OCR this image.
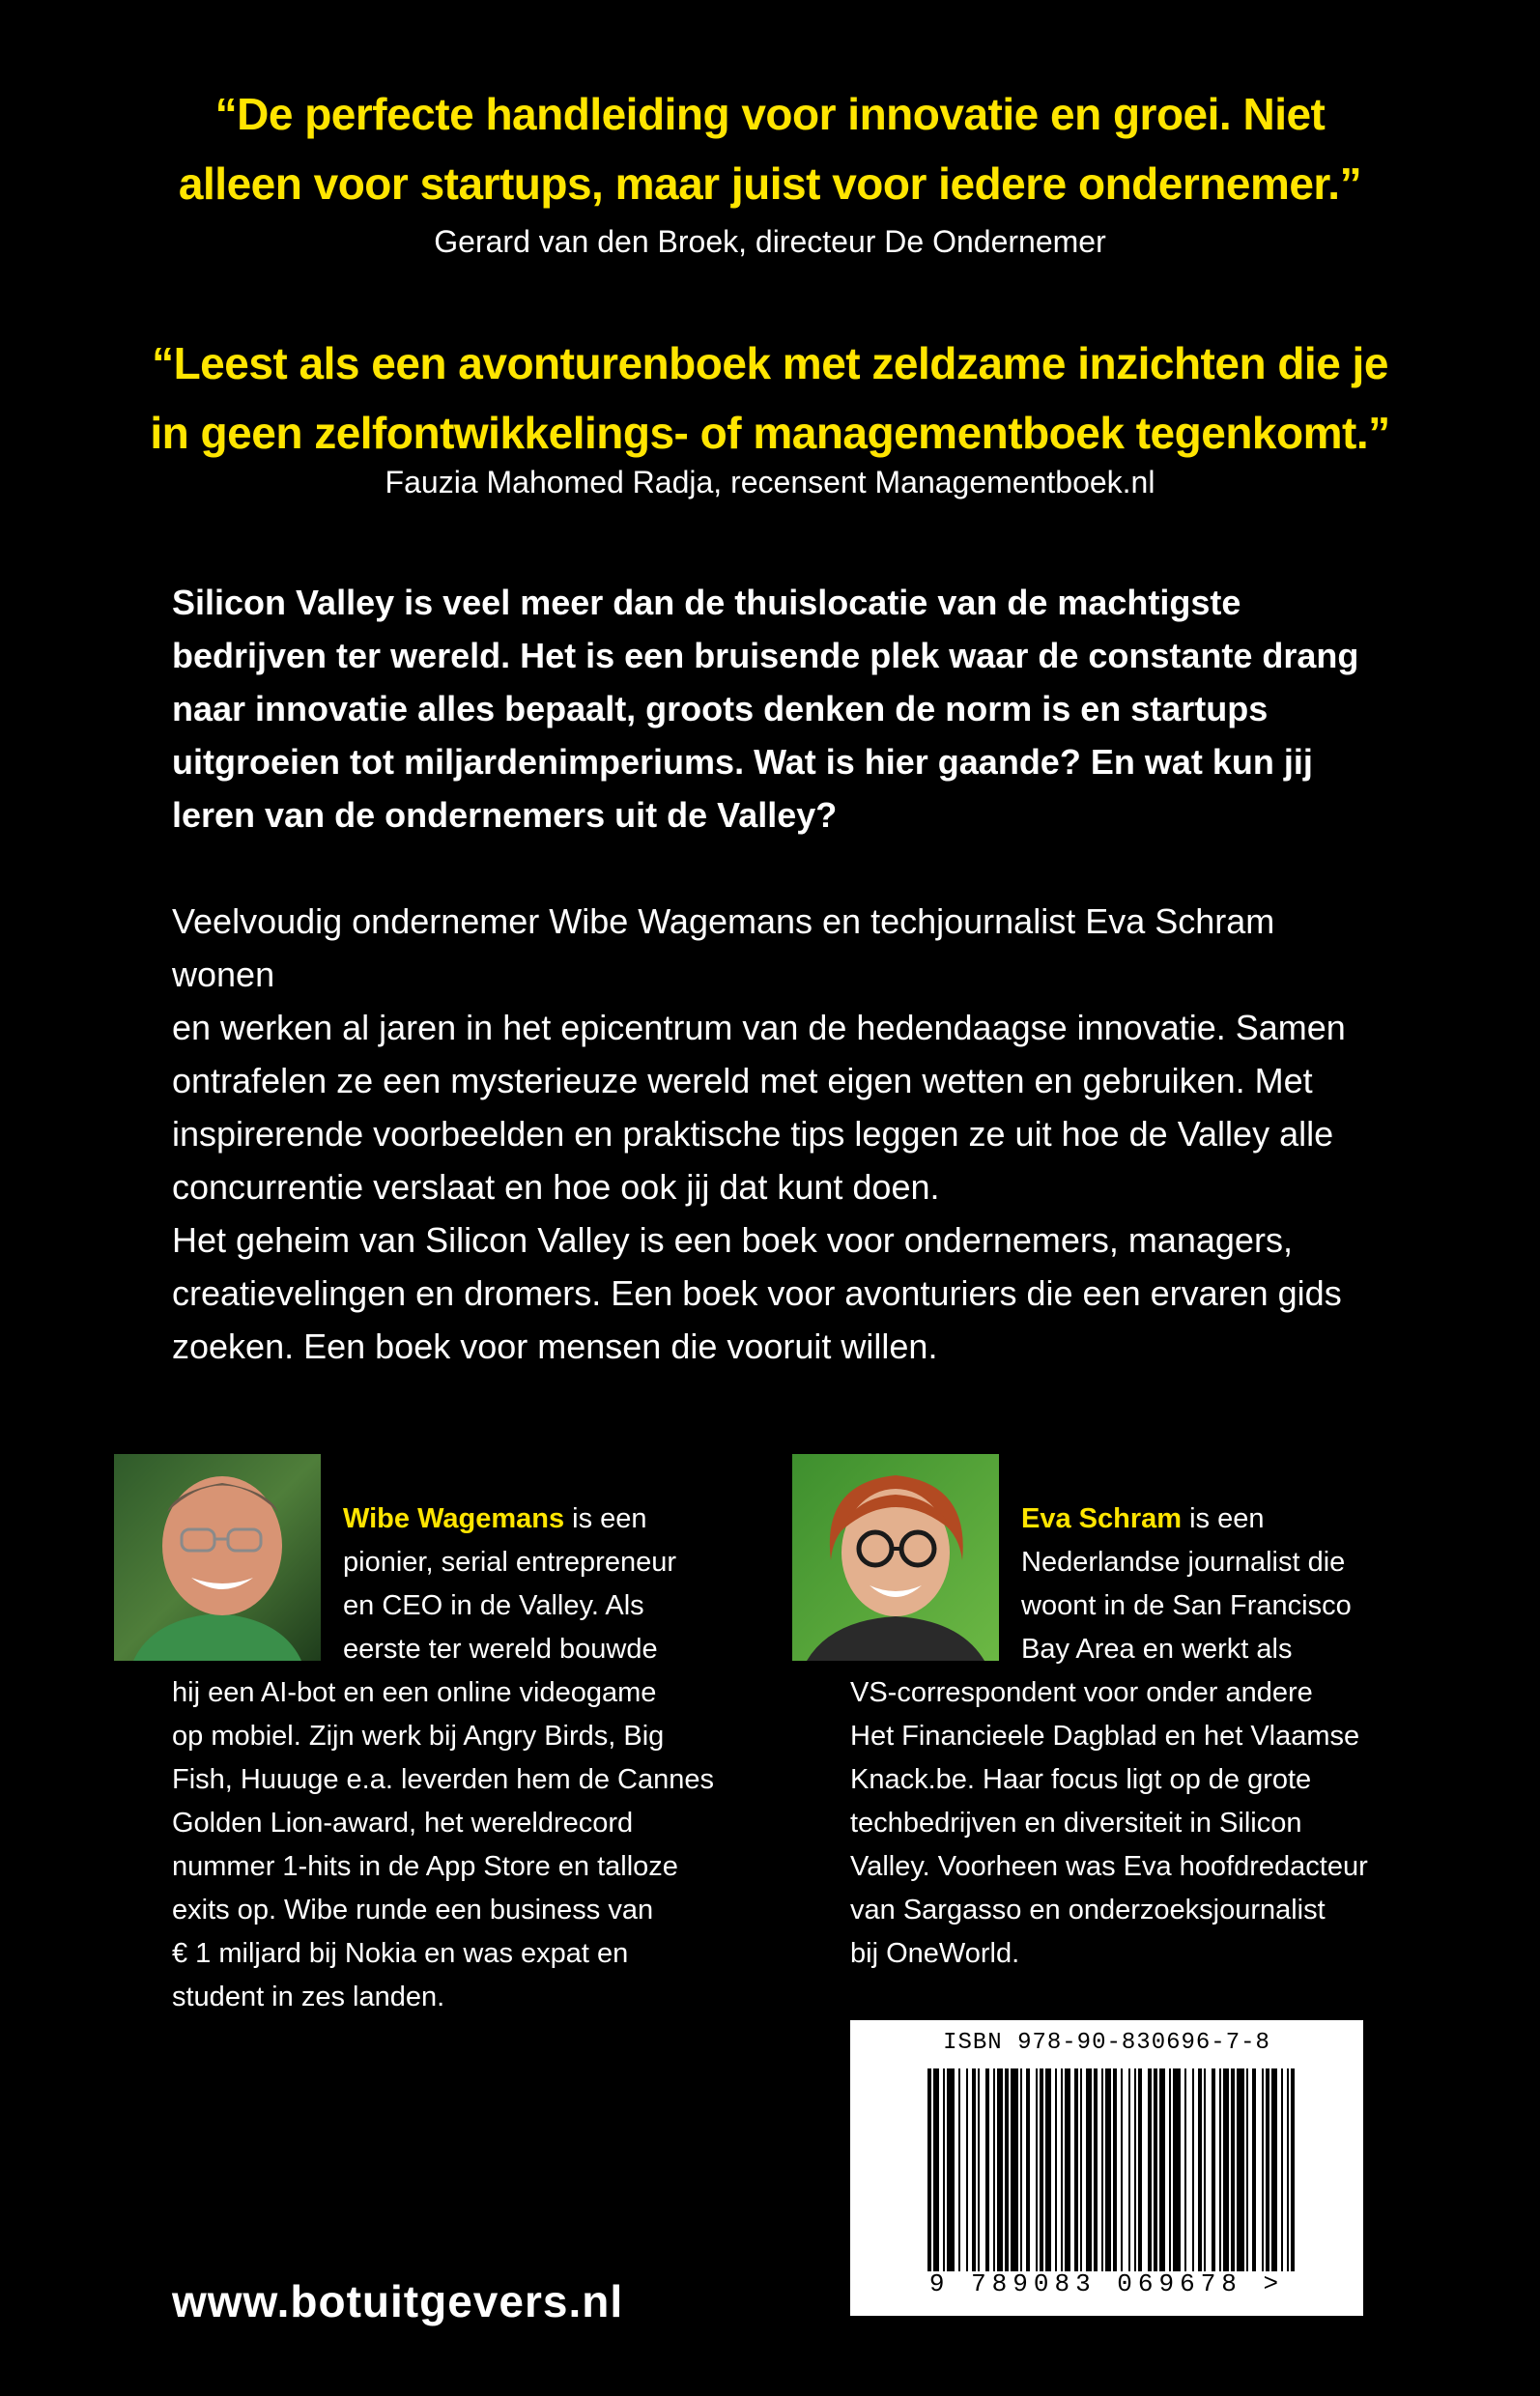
“De perfecte handleiding voor innovatie en groei. Niet
alleen voor startups, maar juist voor iedere ondernemer.”
Gerard van den Broek, directeur De Ondernemer
“Leest als een avonturenboek met zeldzame inzichten die je
in geen zelfontwikkelings- of managementboek tegenkomt.”
Fauzia Mahomed Radja, recensent Managementboek.nl
Silicon Valley is veel meer dan de thuislocatie van de machtigste
bedrijven ter wereld. Het is een bruisende plek waar de constante drang
naar innovatie alles bepaalt, groots denken de norm is en startups
uitgroeien tot miljardenimperiums. Wat is hier gaande? En wat kun jij
leren van de ondernemers uit de Valley?
Veelvoudig ondernemer Wibe Wagemans en techjournalist Eva Schram wonen
en werken al jaren in het epicentrum van de hedendaagse innovatie. Samen
ontrafelen ze een mysterieuze wereld met eigen wetten en gebruiken. Met
inspirerende voorbeelden en praktische tips leggen ze uit hoe de Valley alle
concurrentie verslaat en hoe ook jij dat kunt doen.
Het geheim van Silicon Valley is een boek voor ondernemers, managers,
creatievelingen en dromers. Een boek voor avonturiers die een ervaren gids
zoeken. Een boek voor mensen die vooruit willen.
Wibe Wagemans is een
pionier, serial entrepreneur
en CEO in de Valley. Als
eerste ter wereld bouwde
hij een AI-bot en een online videogame
op mobiel. Zijn werk bij Angry Birds, Big
Fish, Huuuge e.a. leverden hem de Cannes
Golden Lion-award, het wereldrecord
nummer 1-hits in de App Store en talloze
exits op. Wibe runde een business van
€ 1 miljard bij Nokia en was expat en
student in zes landen.
Eva Schram is een
Nederlandse journalist die
woont in de San Francisco
Bay Area en werkt als
VS-correspondent voor onder andere
Het Financieele Dagblad en het Vlaamse
Knack.be. Haar focus ligt op de grote
techbedrijven en diversiteit in Silicon
Valley. Voorheen was Eva hoofdredacteur
van Sargasso en onderzoeksjournalist
bij OneWorld.
ISBN 978-90-830696-7-8
9 789083 069678 >
www.botuitgevers.nl
